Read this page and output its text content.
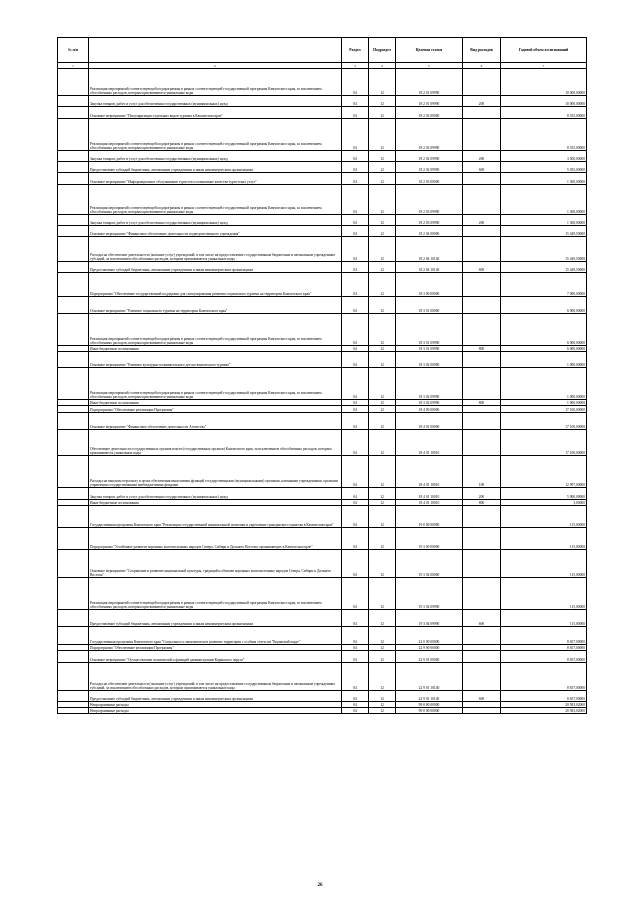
№ п/п		Раздел	Подраздел	Целевая статья	Вид расходов	Годовой объем ассигнований
1	2	3	4	5	6	7
	Реализация мероприятий соответствующей подпрограммы в рамках соответствующей государственной программы Камчатского края, за исключением обособленных расходов, которым присваиваются уникальные коды	04	12	18 2 01 09990		10 000,00000
	Закупка товаров, работ и услуг для обеспечения государственных (муниципальных) нужд	04	12	18 2 01 09990	200	10 000,00000
	Основное мероприятие "Популяризация отдельных видов туризма в Камчатском крае"	04	12	18 2 02 00000		8 535,00000
	Реализация мероприятий соответствующей подпрограммы в рамках соответствующей государственной программы Камчатского края, за исключением обособленных расходов, которым присваиваются уникальные коды	04	12	18 2 02 09990		8 535,00000
	Закупка товаров, работ и услуг для обеспечения государственных (муниципальных) нужд	04	12	18 2 02 09990	200	3 500,00000
	Предоставление субсидий бюджетным, автономным учреждениям и иным некоммерческим организациям	04	12	18 2 02 09990	600	5 035,00000
	Основное мероприятие "Информационное обслуживание туристов и повышение качества туристских услуг"	04	12	18 2 03 00000		1 300,00000
	Реализация мероприятий соответствующей подпрограммы в рамках соответствующей государственной программы Камчатского края, за исключением обособленных расходов, которым присваиваются уникальные коды	04	12	18 2 03 09990		1 300,00000
	Закупка товаров, работ и услуг для обеспечения государственных (муниципальных) нужд	04	12	18 2 03 09990	200	1 300,00000
	Основное мероприятие "Финансовое обеспечение деятельности подведомственного учреждения"	04	12	18 2 04 00000		15 449,50000
	Расходы на обеспечение деятельности (оказание услуг) учреждений, в том числе на предоставление государственным бюджетным и автономным учреждениям субсидий, за исключением обособленных расходов, которым присваиваются уникальные коды	04	12	18 2 04 10140		15 449,50000
	Предоставление субсидий бюджетным, автономным учреждениям и иным некоммерческим организациям	04	12	18 2 04 10140	600	15 449,50000
	Подпрограмма "Обеспечение государственной поддержки для стимулирования развития социального туризма на территории Камчатского края"	04	12	18 3 00 00000		7 000,00000
	Основное мероприятие "Развитие социального туризма на территории Камчатского края"	04	12	18 3 01 00000		6 000,00000
	Реализация мероприятий соответствующей подпрограммы в рамках соответствующей государственной программы Камчатского края, за исключением обособленных расходов, которым присваиваются уникальные коды	04	12	18 3 01 09990		6 000,00000
	Иные бюджетные ассигнования	04	12	18 3 01 09990	800	6 000,00000
	Основное мероприятие "Развитие культурно-познавательного детско-юношеского туризма"	04	12	18 3 02 00000		1 000,00000
	Реализация мероприятий соответствующей подпрограммы в рамках соответствующей государственной программы Камчатского края, за исключением обособленных расходов, которым присваиваются уникальные коды	04	12	18 3 02 09990		1 000,00000
	Иные бюджетные ассигнования	04	12	18 3 02 09990	800	1 000,00000
	Подпрограмма "Обеспечение реализации Программы"	04	12	18 4 00 00000		17 100,00000
	Основное мероприятие "Финансовое обеспечение деятельности Агентства"	04	12	18 4 01 00000		17 100,00000
	Обеспечение деятельности государственных органов власти (государственных органов) Камчатского края, за исключением обособленных расходов, которым присваиваются уникальные коды	04	12	18 4 01 10010		17 100,00000
	Расходы на выплаты персоналу в целях обеспечения выполнения функций государственными (муниципальными) органами, казенными учреждениями, органами управления государственными внебюджетными фондами	04	12	18 4 01 10010	100	12 097,00000
	Закупка товаров, работ и услуг для обеспечения государственных (муниципальных) нужд	04	12	18 4 01 10010	200	5 000,00000
	Иные бюджетные ассигнования	04	12	18 4 01 10010	800	3,00000
	Государственная программа Камчатского края "Реализация государственной национальной политики и укрепление гражданского единства в Камчатском крае"	04	12	19 0 00 00000		115,00000
	Подпрограмма "Устойчивое развитие коренных малочисленных народов Севера, Сибири и Дальнего Востока, проживающих в Камчатском крае"	04	12	19 3 00 00000		115,00000
	Основное мероприятие "Сохранение и развитие национальной культуры, традиций и обычаев коренных малочисленных народов Севера, Сибири и Дальнего Востока"	04	12	19 3 04 00000		115,00000
	Реализация мероприятий соответствующей подпрограммы в рамках соответствующей государственной программы Камчатского края, за исключением обособленных расходов, которым присваиваются уникальные коды	04	12	19 3 04 09990		115,00000
	Предоставление субсидий бюджетным, автономным учреждениям и иным некоммерческим организациям	04	12	19 3 04 09990	600	115,00000
	Государственная программа Камчатского края "Социальное и экономическое развитие территории с особым статусом "Корякский округ"	04	12	22 0 00 00000		8 657,00000
	Подпрограмма "Обеспечение реализации Программы"	04	12	22 9 00 00000		8 657,00000
	Основное мероприятие "Осуществление полномочий и функций администрации Корякского округа"	04	12	22 9 01 00000		8 657,00000
	Расходы на обеспечение деятельности (оказание услуг) учреждений, в том числе на предоставление государственным бюджетным и автономным учреждениям субсидий, за исключением обособленных расходов, которым присваиваются уникальные коды	04	12	22 9 01 10140		8 657,00000
	Предоставление субсидий бюджетным, автономным учреждениям и иным некоммерческим организациям	04	12	22 9 01 10140	600	8 657,00000
	Непрограммные расходы	04	12	99 0 00 00000		20 583,02000
	Непрограммные расходы	04	12	99 0 00 00000		20 583,02000
26
